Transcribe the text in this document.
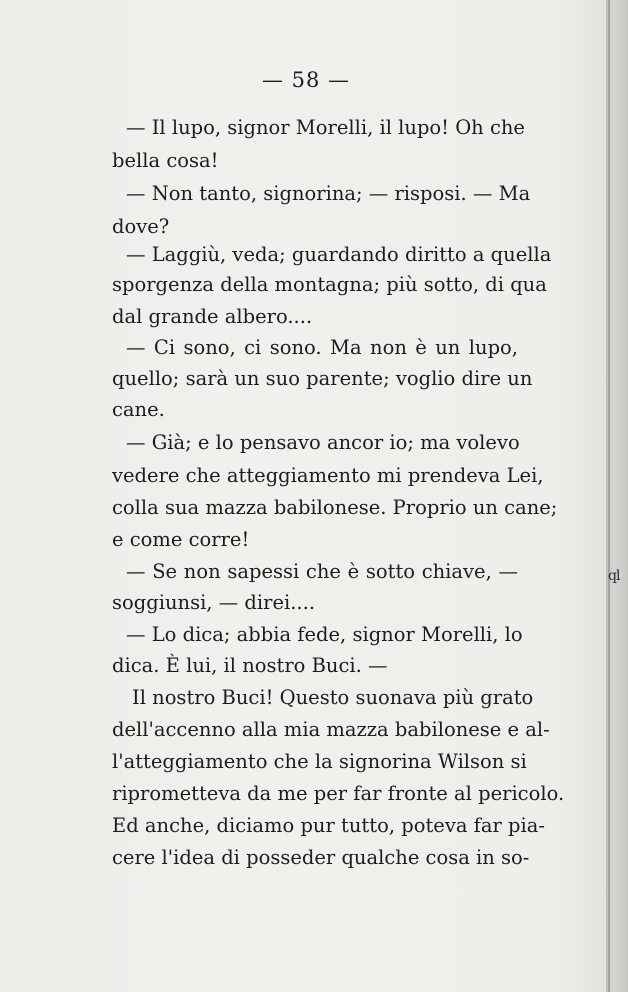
ql
— 58 —
— Il lupo, signor Morelli, il lupo! Oh che
bella cosa!
— Non tanto, signorina; — risposi. — Ma
dove?
— Laggiù, veda; guardando diritto a quella
sporgenza della montagna; più sotto, di qua
dal grande albero....
— Ci sono, ci sono. Ma non è un lupo,
quello; sarà un suo parente; voglio dire un
cane.
— Già; e lo pensavo ancor io; ma volevo
vedere che atteggiamento mi prendeva Lei,
colla sua mazza babilonese. Proprio un cane;
e come corre!
— Se non sapessi che è sotto chiave, —
soggiunsi, — direi....
— Lo dica; abbia fede, signor Morelli, lo
dica. È lui, il nostro Buci. —
Il nostro Buci! Questo suonava più grato
dell'accenno alla mia mazza babilonese e al-
l'atteggiamento che la signorina Wilson si
riprometteva da me per far fronte al pericolo.
Ed anche, diciamo pur tutto, poteva far pia-
cere l'idea di posseder qualche cosa in so-
